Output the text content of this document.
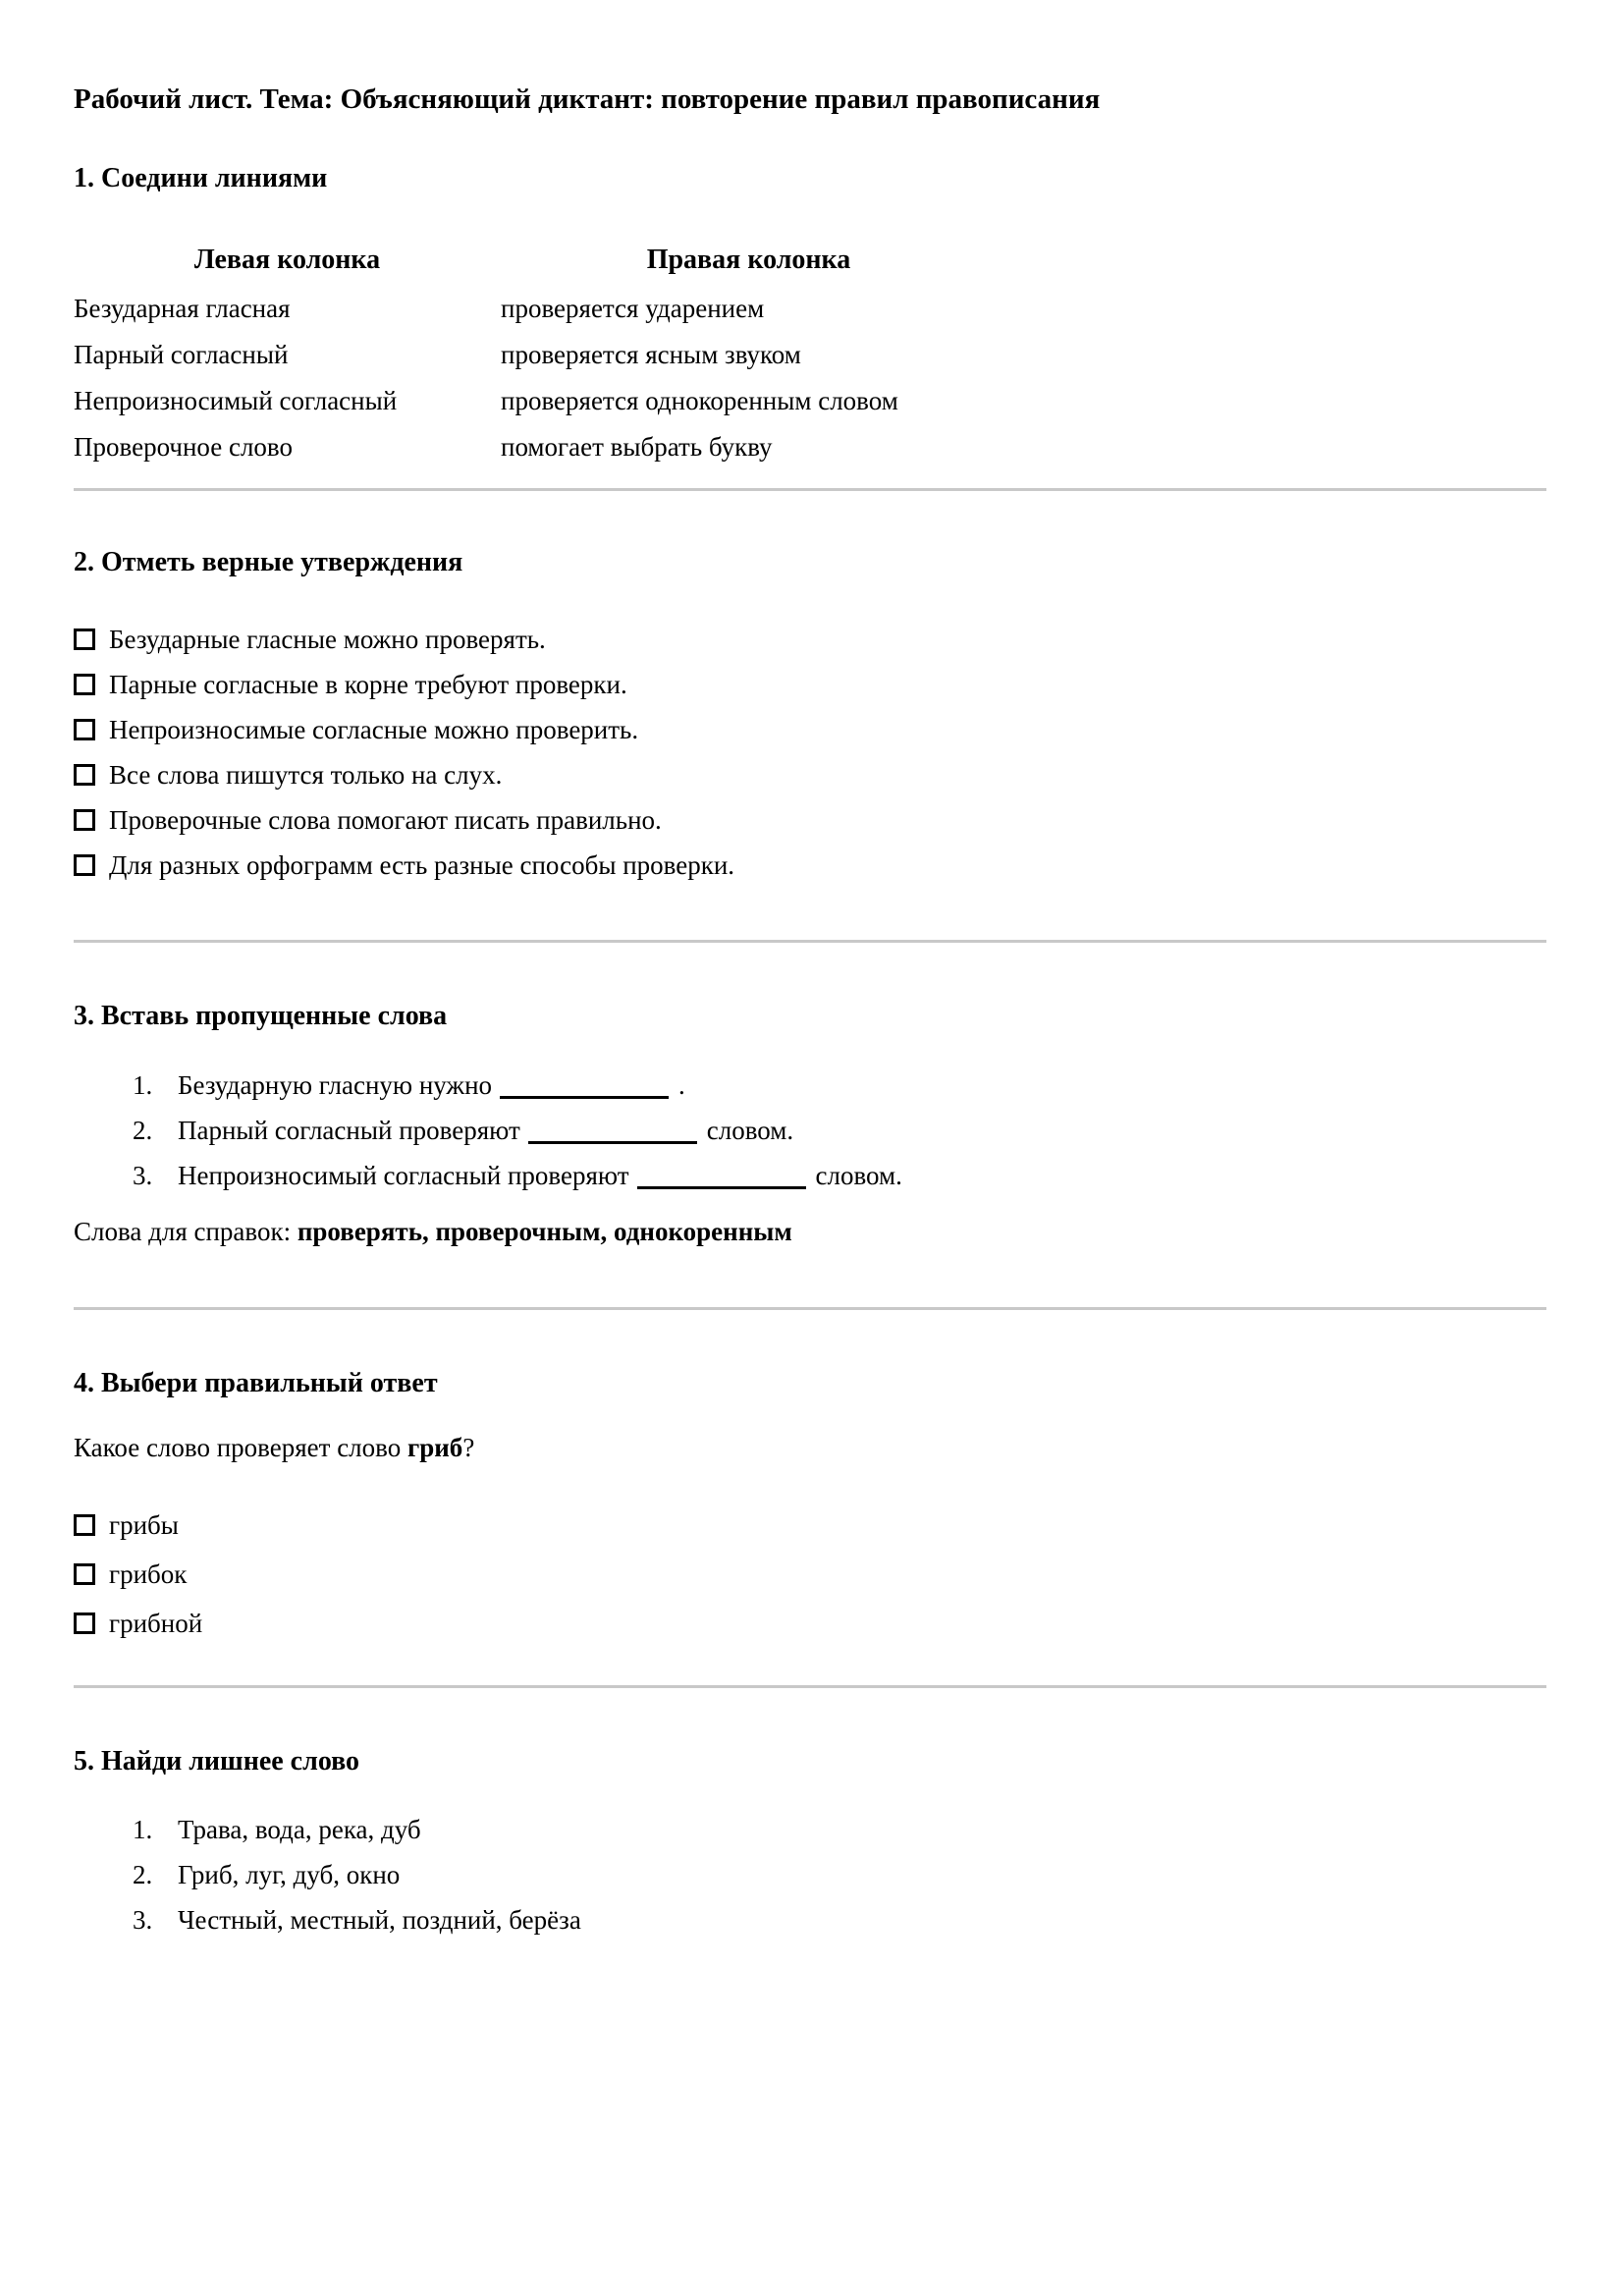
Рабочий лист. Тема: Объясняющий диктант: повторение правил правописания
1. Соедини линиями
Левая колонка	Правая колонка
Безударная гласная	проверяется ударением
Парный согласный	проверяется ясным звуком
Непроизносимый согласный	проверяется однокоренным словом
Проверочное слово	помогает выбрать букву
2. Отметь верные утверждения
Безударные гласные можно проверять.
Парные согласные в корне требуют проверки.
Непроизносимые согласные можно проверить.
Все слова пишутся только на слух.
Проверочные слова помогают писать правильно.
Для разных орфограмм есть разные способы проверки.
3. Вставь пропущенные слова
1. Безударную гласную нужно	.
2. Парный согласный проверяют	словом.
3. Непроизносимый согласный проверяют	словом.
Слова для справок: проверять, проверочным, однокоренным
4. Выбери правильный ответ
Какое слово проверяет слово гриб?
грибы
грибок
грибной
5. Найди лишнее слово
1. Трава, вода, река, дуб
2. Гриб, луг, дуб, окно
3. Честный, местный, поздний, берёза
